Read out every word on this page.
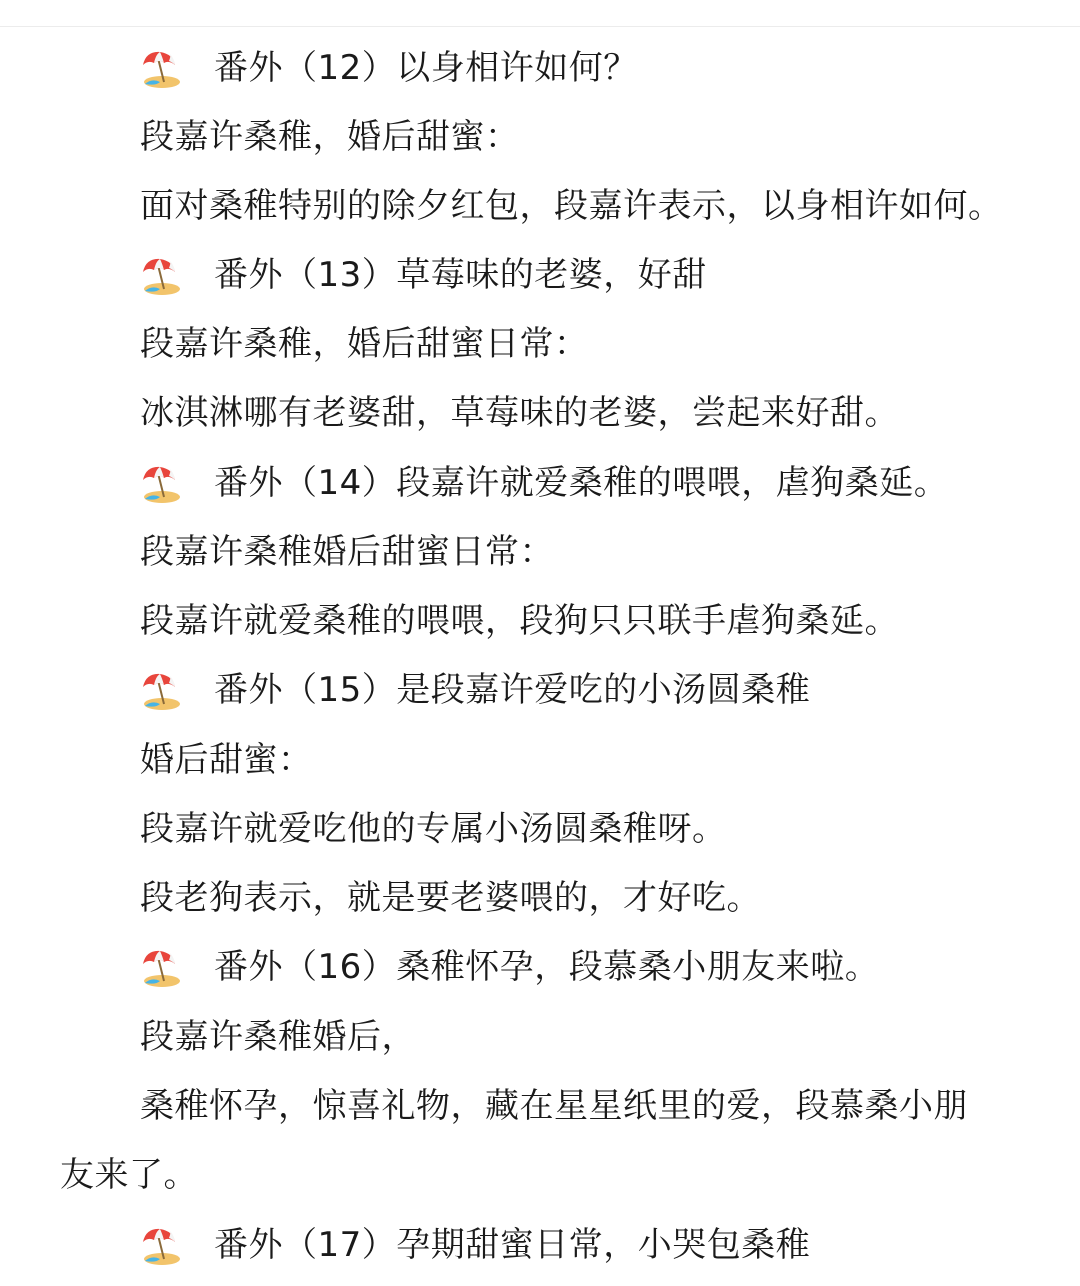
番外（12）以身相许如何？
段嘉许桑稚，婚后甜蜜：
面对桑稚特别的除夕红包，段嘉许表示，以身相许如何。
番外（13）草莓味的老婆，好甜
段嘉许桑稚，婚后甜蜜日常：
冰淇淋哪有老婆甜，草莓味的老婆，尝起来好甜。
番外（14）段嘉许就爱桑稚的喂喂，虐狗桑延。
段嘉许桑稚婚后甜蜜日常：
段嘉许就爱桑稚的喂喂，段狗只只联手虐狗桑延。
番外（15）是段嘉许爱吃的小汤圆桑稚
婚后甜蜜：
段嘉许就爱吃他的专属小汤圆桑稚呀。
段老狗表示，就是要老婆喂的，才好吃。
番外（16）桑稚怀孕，段慕桑小朋友来啦。
段嘉许桑稚婚后，
桑稚怀孕，惊喜礼物，藏在星星纸里的爱，段慕桑小朋
友来了。
番外（17）孕期甜蜜日常，小哭包桑稚
